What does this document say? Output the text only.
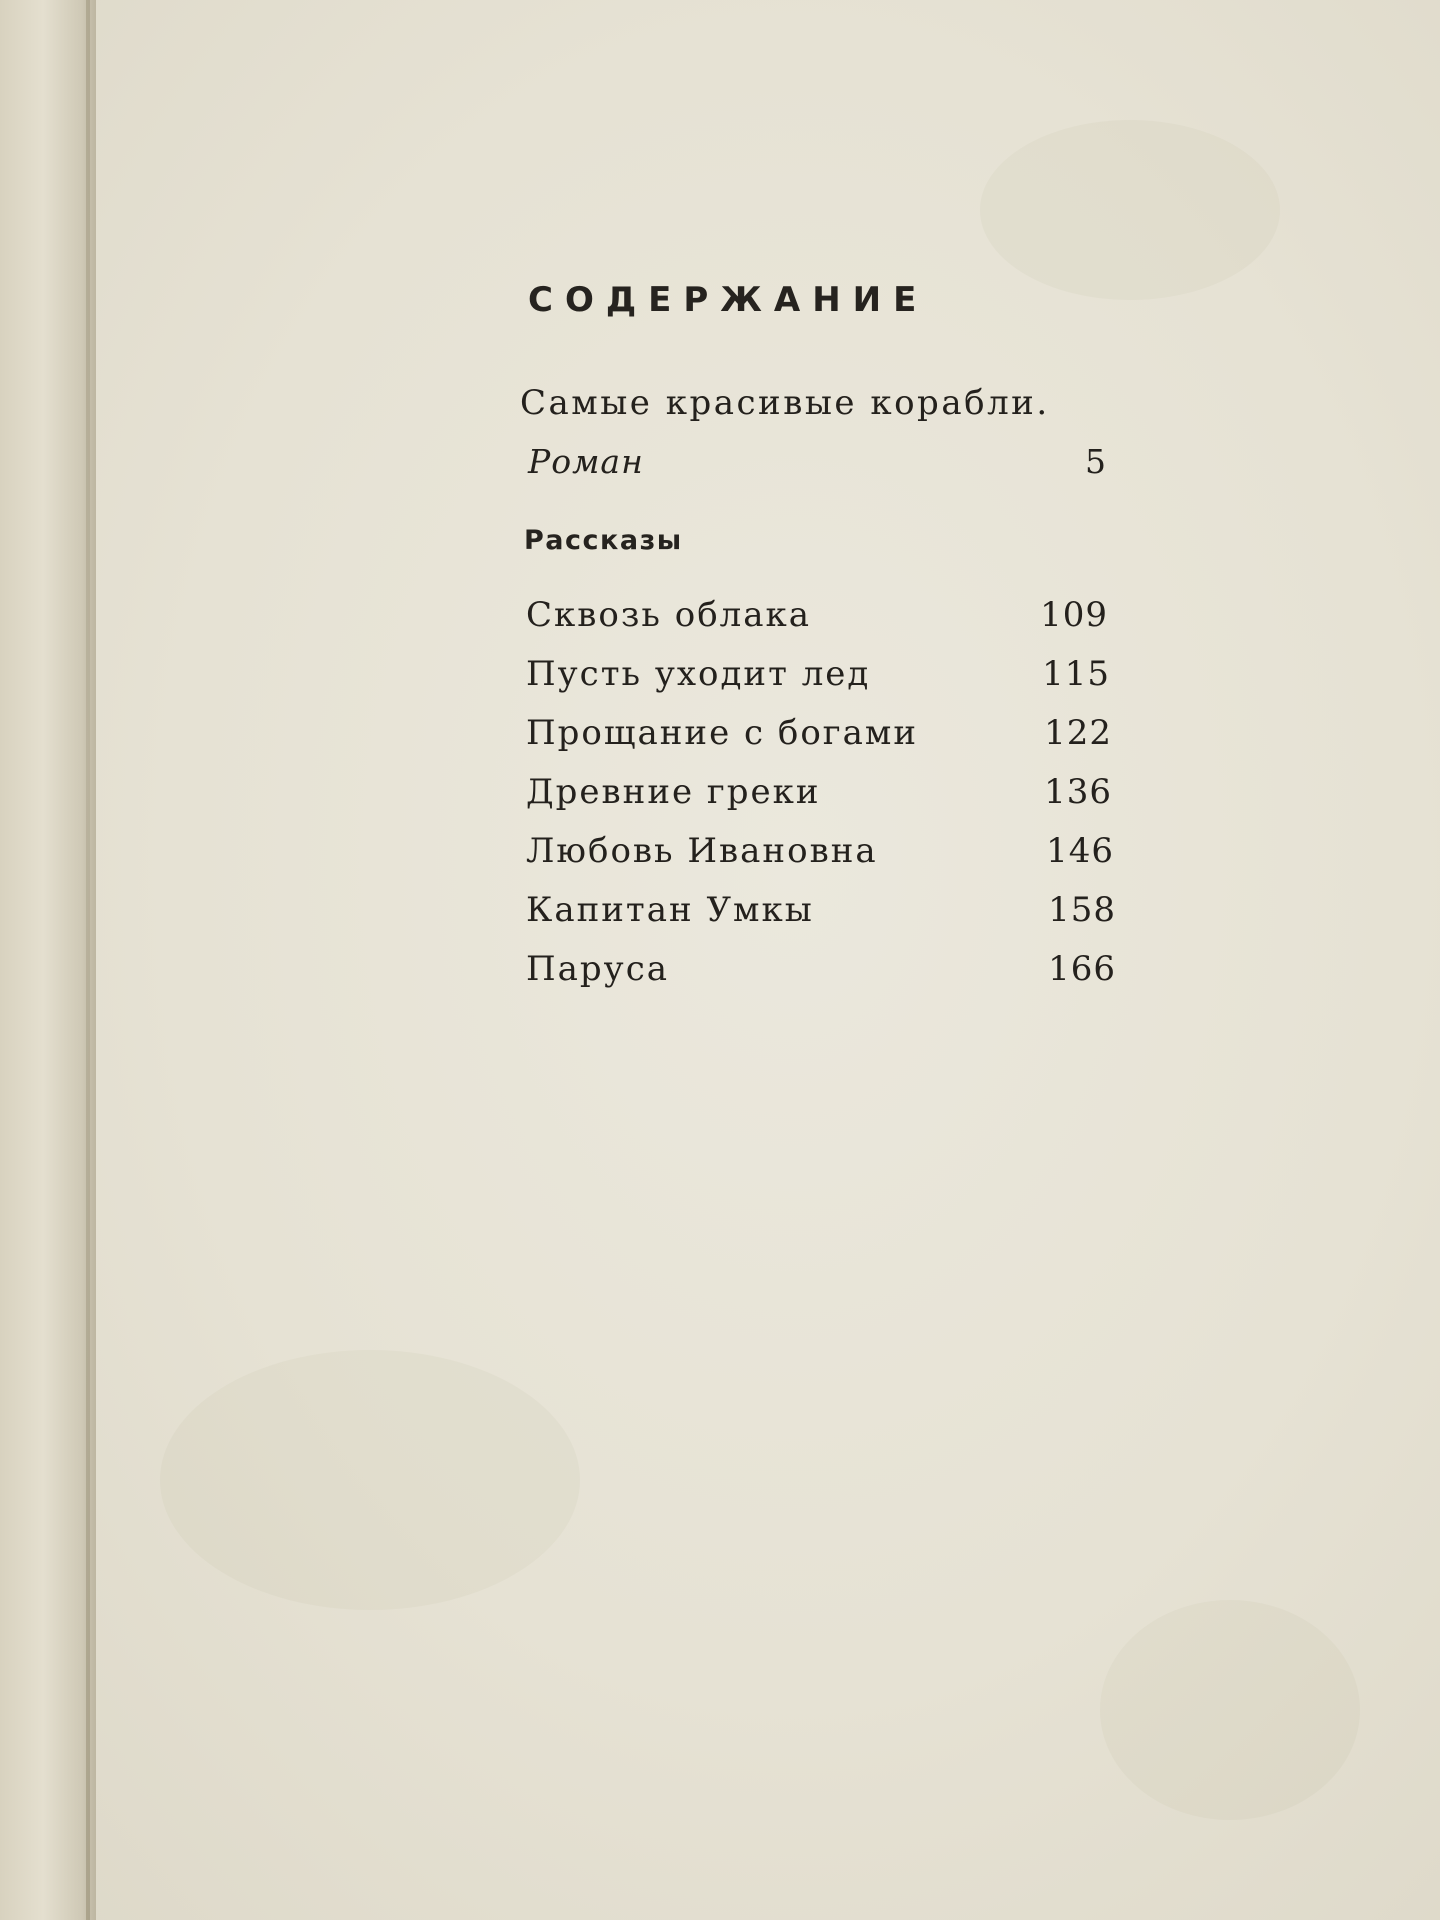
СОДЕРЖАНИЕ
Самые красивые корабли.
Роман	5
Рассказы
Сквозь облака	109
Пусть уходит лед	115
Прощание с богами	122
Древние греки	136
Любовь Ивановна	146
Капитан Умкы	158
Паруса	166
